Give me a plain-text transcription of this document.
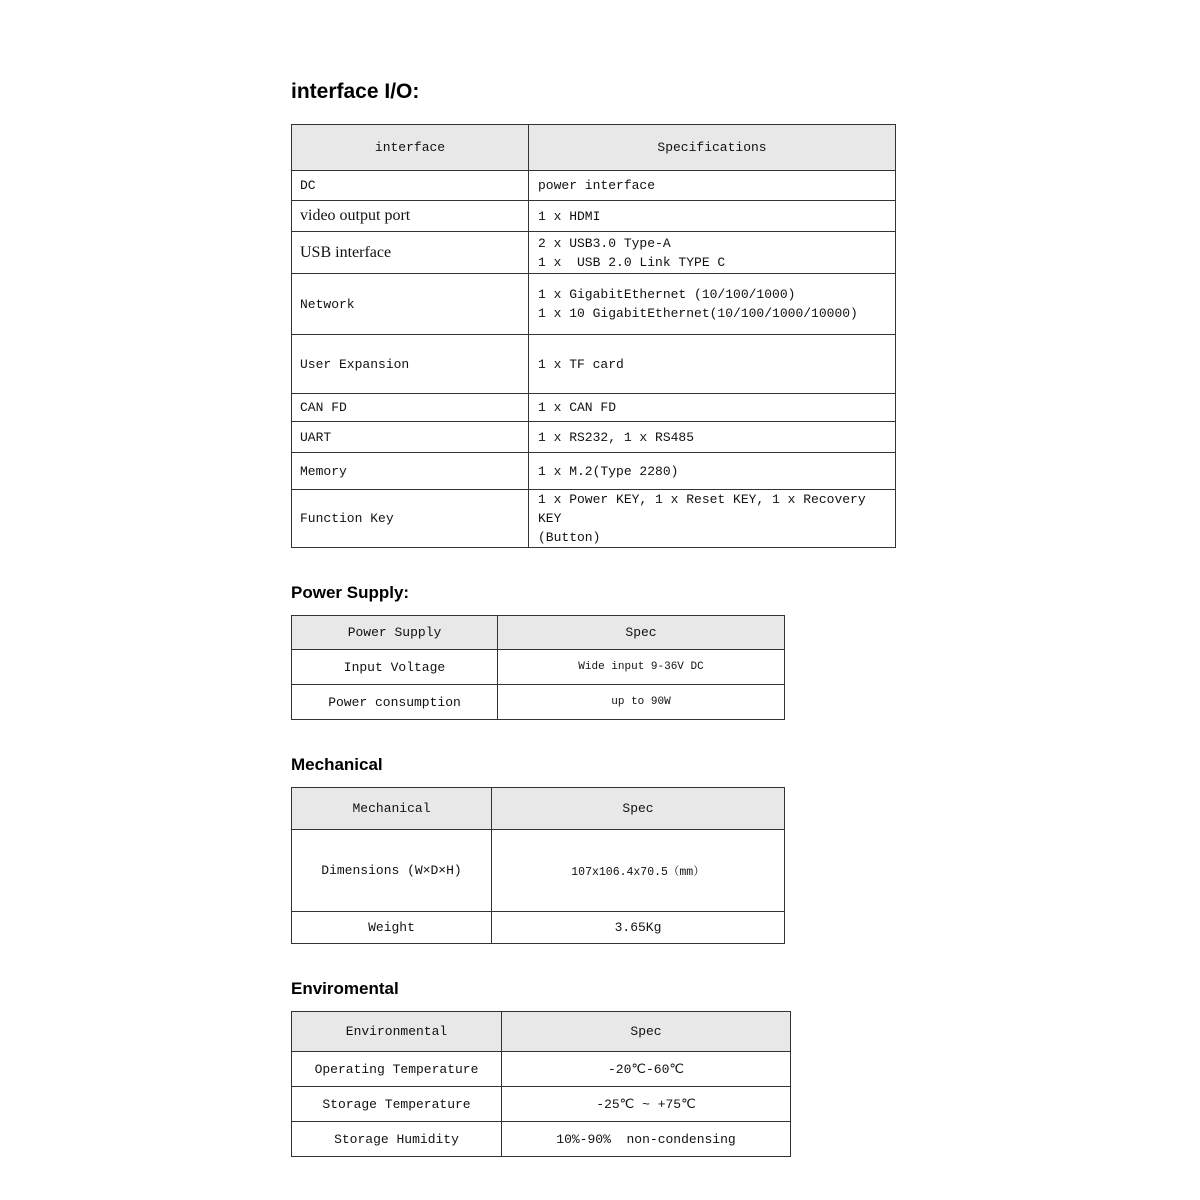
interface I/O:
interface	Specifications
DC	power interface

video output port	1 x HDMI

USB interface	2 x USB3.0 Type-A
1 x  USB 2.0 Link TYPE C

Network	1 x GigabitEthernet (10/100/1000)
1 x 10 GigabitEthernet(10/100/1000/10000)

User Expansion	1 x TF card

CAN FD	1 x CAN FD

UART	1 x RS232, 1 x RS485

Memory	1 x M.2(Type 2280)

Function Key	1 x Power KEY, 1 x Reset KEY, 1 x Recovery KEY
(Button)
Power Supply:
Power Supply	Spec
Input Voltage	Wide input 9-36V DC
Power consumption	up to 90W
Mechanical
Mechanical	Spec
Dimensions (W×D×H)	107x106.4x70.5（mm）
Weight	3.65Kg
Enviromental
Environmental	Spec
Operating Temperature	-20℃-60℃
Storage Temperature	-25℃ ~ +75℃
Storage Humidity	10%-90%  non-condensing
